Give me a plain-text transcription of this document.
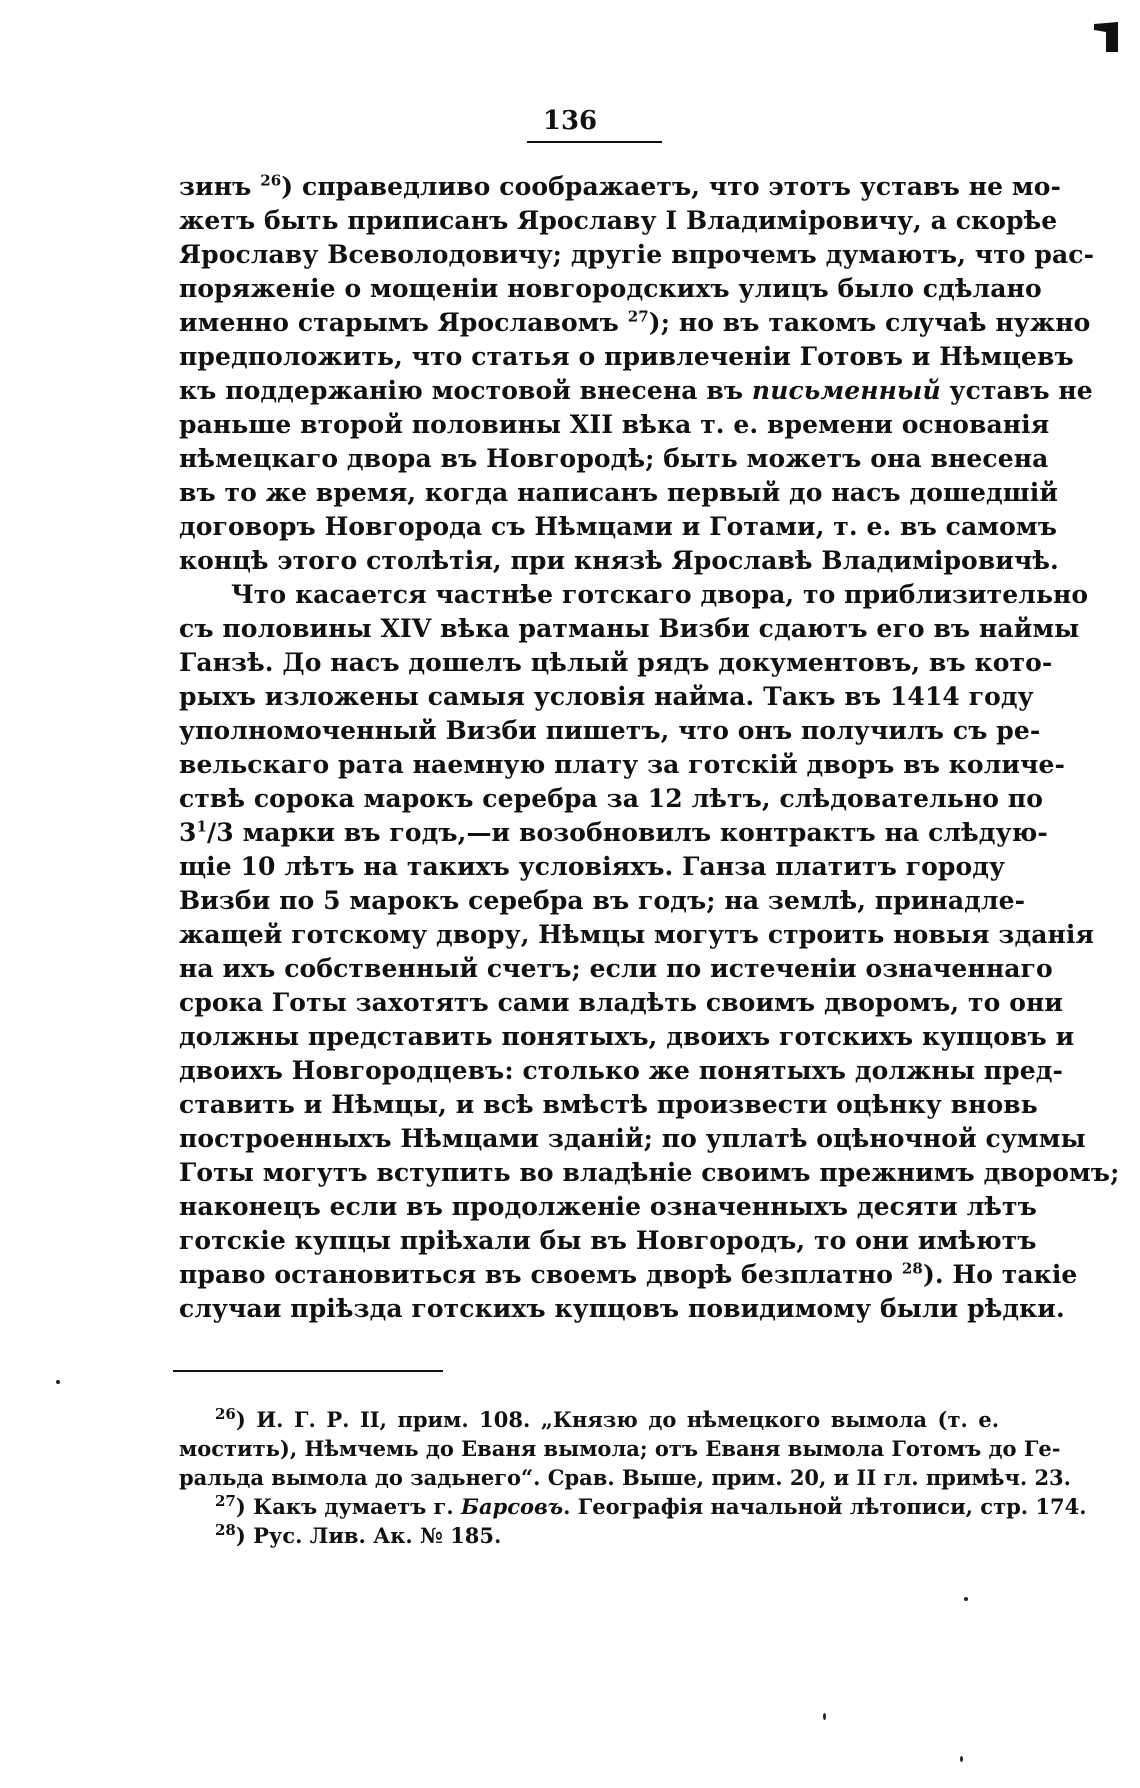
136
зинъ $^{26}$) справедливо соображаетъ, что этотъ уставъ не мо-
жетъ быть приписанъ Ярославу I Владиміровичу, а скорѣе
Ярославу Всеволодовичу; другіе впрочемъ думаютъ, что рас-
поряженіе о мощеніи новгородскихъ улицъ было сдѣлано
именно старымъ Ярославомъ $^{27}$); но въ такомъ случаѣ нужно
предположить, что статья о привлеченіи Готовъ и Нѣмцевъ
къ поддержанію мостовой внесена въ письменный уставъ не
раньше второй половины XII вѣка т. е. времени основанія
нѣмецкаго двора въ Новгородѣ; быть можетъ она внесена
въ то же время, когда написанъ первый до насъ дошедшій
договоръ Новгорода съ Нѣмцами и Готами, т. е. въ самомъ
концѣ этого столѣтія, при князѣ Ярославѣ Владиміровичѣ.
Что касается частнѣе готскаго двора, то приблизительно
съ половины XIV вѣка ратманы Визби сдаютъ его въ наймы
Ганзѣ. До насъ дошелъ цѣлый рядъ документовъ, въ кото-
рыхъ изложены самыя условія найма. Такъ въ 1414 году
уполномоченный Визби пишетъ, что онъ получилъ съ ре-
вельскаго рата наемную плату за готскій дворъ въ количе-
ствѣ сорока марокъ серебра за 12 лѣтъ, слѣдовательно по
$3^1/3$ марки въ годъ,—и возобновилъ контрактъ на слѣдую-
щіе 10 лѣтъ на такихъ условіяхъ. Ганза платитъ городу
Визби по 5 марокъ серебра въ годъ; на землѣ, принадле-
жащей готскому двору, Нѣмцы могутъ строить новыя зданія
на ихъ собственный счетъ; если по истеченіи означеннаго
срока Готы захотятъ сами владѣть своимъ дворомъ, то они
должны представить понятыхъ, двоихъ готскихъ купцовъ и
двоихъ Новгородцевъ: столько же понятыхъ должны пред-
ставить и Нѣмцы, и всѣ вмѣстѣ произвести оцѣнку вновь
построенныхъ Нѣмцами зданій; по уплатѣ оцѣночной суммы
Готы могутъ вступить во владѣніе своимъ прежнимъ дворомъ;
наконецъ если въ продолженіе означенныхъ десяти лѣтъ
готскіе купцы пріѣхали бы въ Новгородъ, то они имѣютъ
право остановиться въ своемъ дворѣ безплатно $^{28}$). Но такіе
случаи пріѣзда готскихъ купцовъ повидимому были рѣдки.
$^{26}$) И. Г. Р. II, прим. 108. „Князю до нѣмецкого вымола (т. е.
мостить), Нѣмчемь до Еваня вымола; отъ Еваня вымола Готомъ до Ге-
ральда вымола до задьнего“. Срав. Выше, прим. 20, и II гл. примѣч. 23.
$^{27}$) Какъ думаетъ г. Барсовъ. Географія начальной лѣтописи, стр. 174.
$^{28}$) Рус. Лив. Ак. № 185.
